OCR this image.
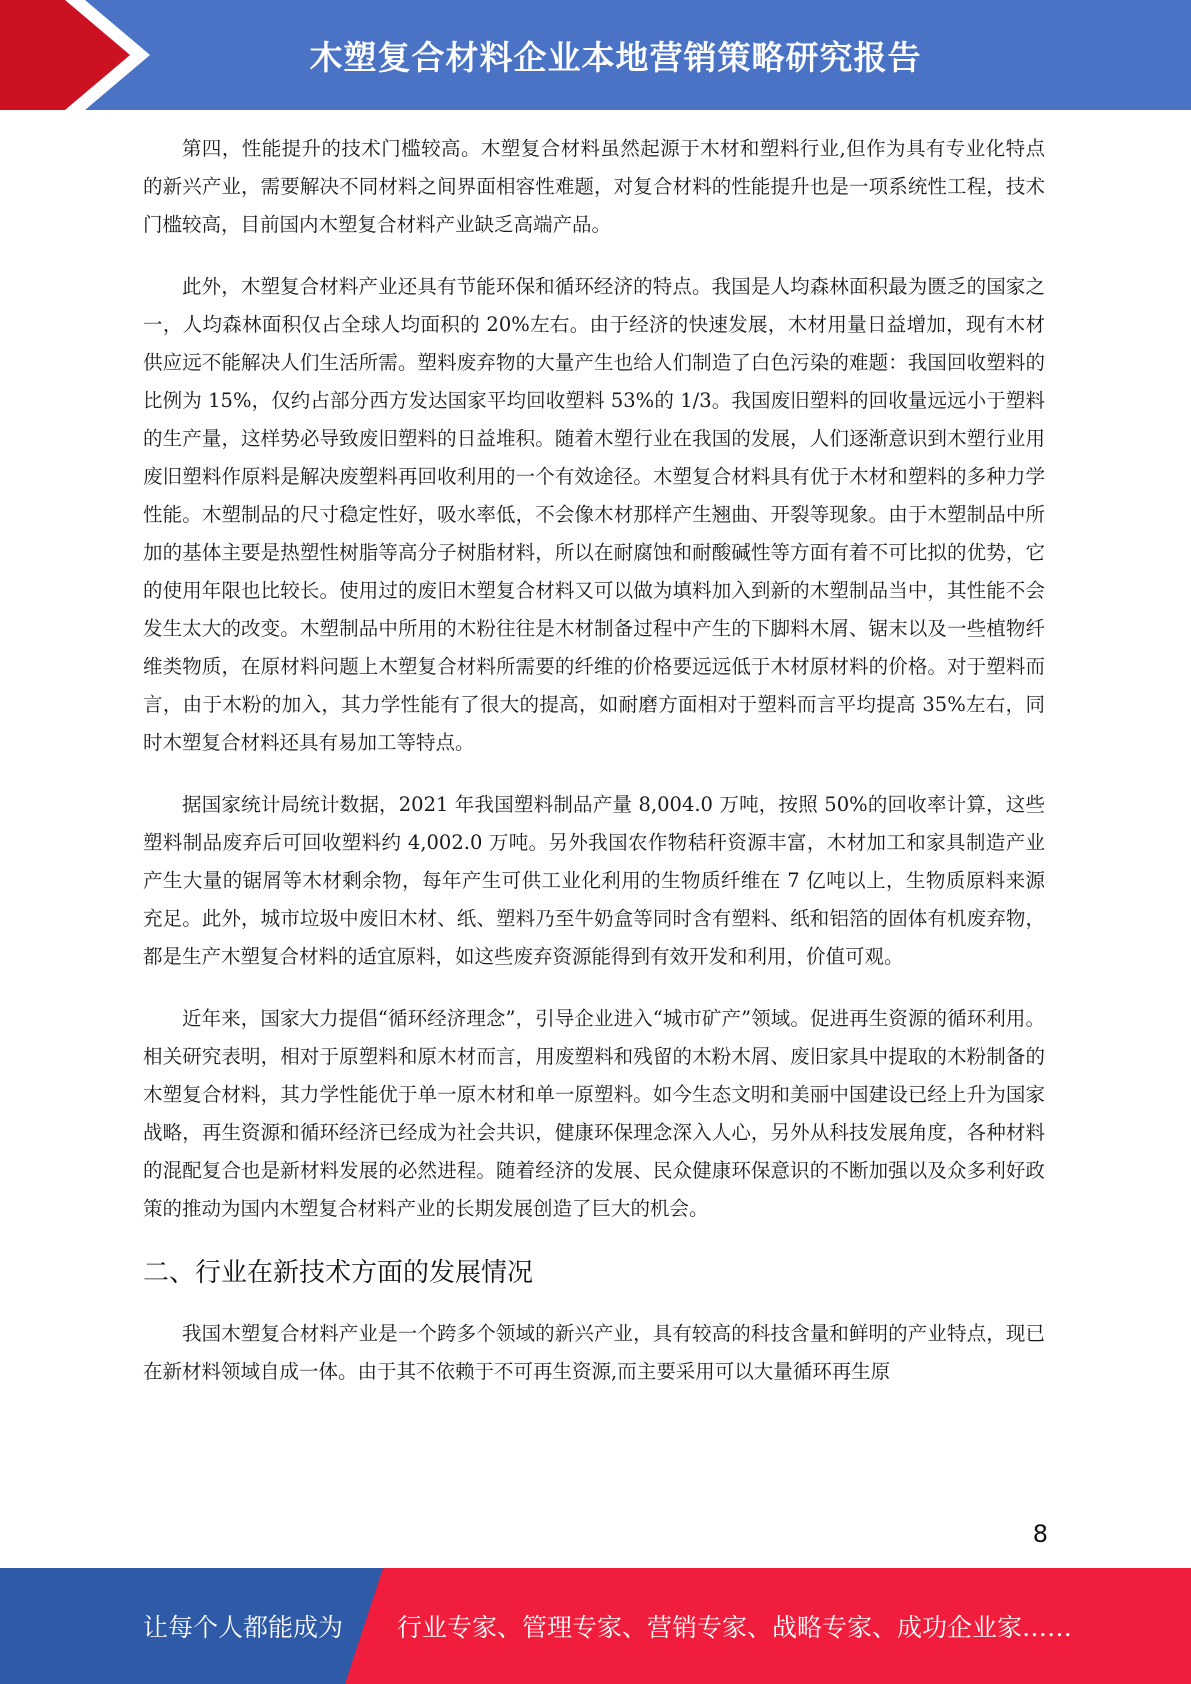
木塑复合材料企业本地营销策略研究报告

第四，性能提升的技术门槛较高。木塑复合材料虽然起源于木材和塑料行业,但作为具有专业化特点的新兴产业，需要解决不同材料之间界面相容性难题，对复合材料的性能提升也是一项系统性工程，技术门槛较高，目前国内木塑复合材料产业缺乏高端产品。

此外，木塑复合材料产业还具有节能环保和循环经济的特点。我国是人均森林面积最为匮乏的国家之一，人均森林面积仅占全球人均面积的 20%左右。由于经济的快速发展，木材用量日益增加，现有木材供应远不能解决人们生活所需。塑料废弃物的大量产生也给人们制造了白色污染的难题：我国回收塑料的比例为 15%，仅约占部分西方发达国家平均回收塑料 53%的 1/3。我国废旧塑料的回收量远远小于塑料的生产量，这样势必导致废旧塑料的日益堆积。随着木塑行业在我国的发展，人们逐渐意识到木塑行业用废旧塑料作原料是解决废塑料再回收利用的一个有效途径。木塑复合材料具有优于木材和塑料的多种力学性能。木塑制品的尺寸稳定性好，吸水率低，不会像木材那样产生翘曲、开裂等现象。由于木塑制品中所加的基体主要是热塑性树脂等高分子树脂材料，所以在耐腐蚀和耐酸碱性等方面有着不可比拟的优势，它的使用年限也比较长。使用过的废旧木塑复合材料又可以做为填料加入到新的木塑制品当中，其性能不会发生太大的改变。木塑制品中所用的木粉往往是木材制备过程中产生的下脚料木屑、锯末以及一些植物纤维类物质，在原材料问题上木塑复合材料所需要的纤维的价格要远远低于木材原材料的价格。对于塑料而言，由于木粉的加入，其力学性能有了很大的提高，如耐磨方面相对于塑料而言平均提高 35%左右，同时木塑复合材料还具有易加工等特点。

据国家统计局统计数据，2021 年我国塑料制品产量 8,004.0 万吨，按照 50%的回收率计算，这些塑料制品废弃后可回收塑料约 4,002.0 万吨。另外我国农作物秸秆资源丰富，木材加工和家具制造产业产生大量的锯屑等木材剩余物，每年产生可供工业化利用的生物质纤维在 7 亿吨以上，生物质原料来源充足。此外，城市垃圾中废旧木材、纸、塑料乃至牛奶盒等同时含有塑料、纸和铝箔的固体有机废弃物，都是生产木塑复合材料的适宜原料，如这些废弃资源能得到有效开发和利用，价值可观。

近年来，国家大力提倡“循环经济理念”，引导企业进入“城市矿产”领域。促进再生资源的循环利用。相关研究表明，相对于原塑料和原木材而言，用废塑料和残留的木粉木屑、废旧家具中提取的木粉制备的木塑复合材料，其力学性能优于单一原木材和单一原塑料。如今生态文明和美丽中国建设已经上升为国家战略，再生资源和循环经济已经成为社会共识，健康环保理念深入人心，另外从科技发展角度，各种材料的混配复合也是新材料发展的必然进程。随着经济的发展、民众健康环保意识的不断加强以及众多利好政策的推动为国内木塑复合材料产业的长期发展创造了巨大的机会。

二、行业在新技术方面的发展情况

我国木塑复合材料产业是一个跨多个领域的新兴产业，具有较高的科技含量和鲜明的产业特点，现已在新材料领域自成一体。由于其不依赖于不可再生资源,而主要采用可以大量循环再生原

8
让每个人都能成为 行业专家、管理专家、营销专家、战略专家、成功企业家……
